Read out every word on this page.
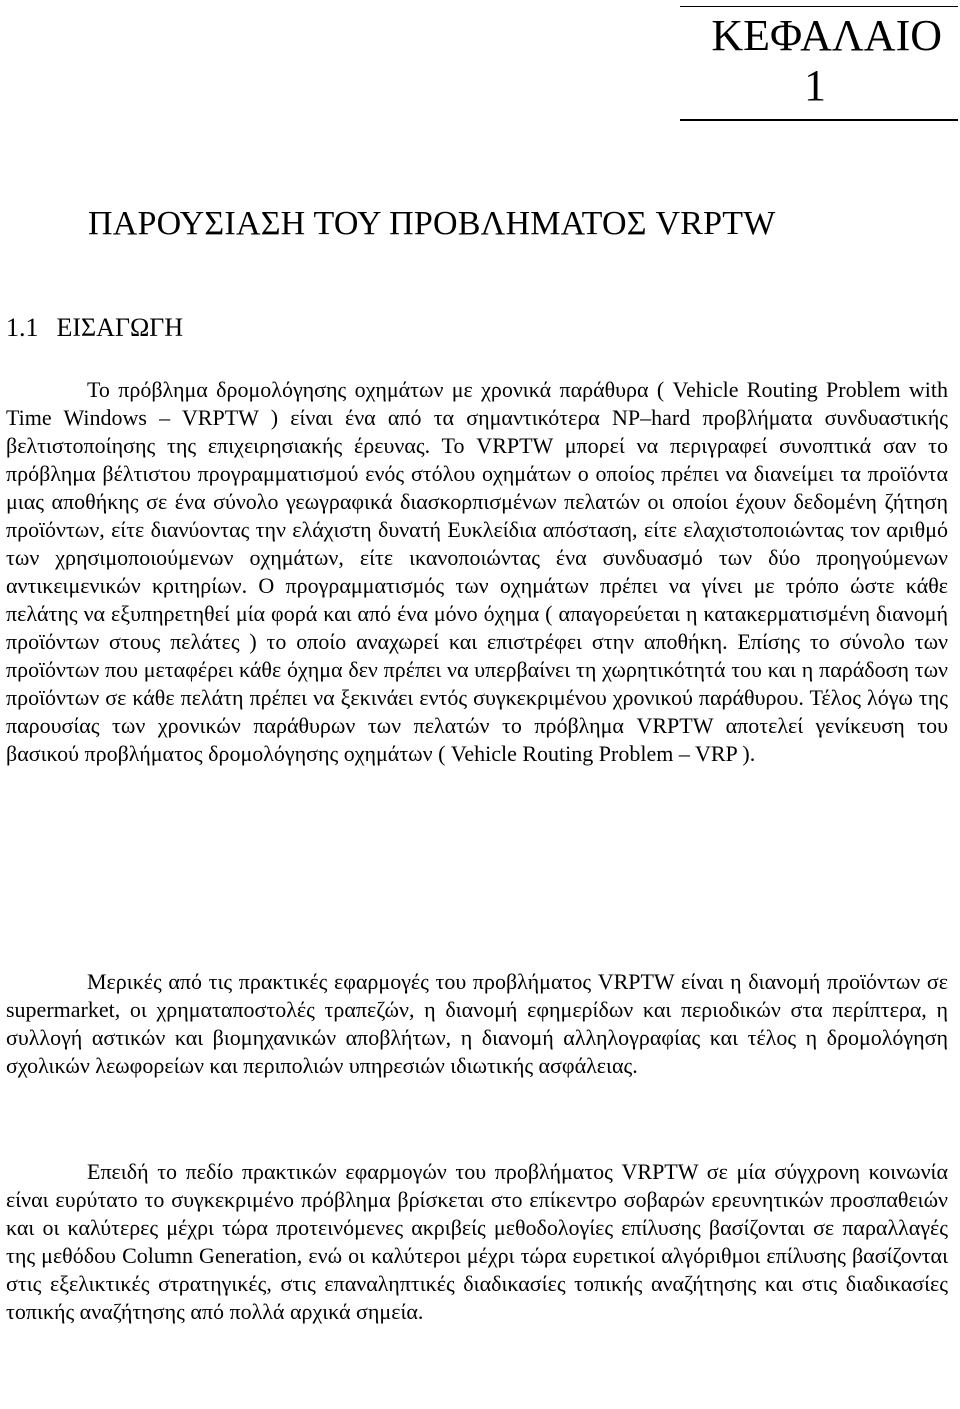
ΚΕΦΑΛΑΙΟ
1
ΠΑΡΟΥΣΙΑΣΗ ΤΟΥ ΠΡΟΒΛΗΜΑΤΟΣ VRPTW
1.1 ΕΙΣΑΓΩΓΗ

Το πρόβλημα δρομολόγησης οχημάτων με χρονικά παράθυρα ( Vehicle Routing Problem with Time Windows – VRPTW ) είναι ένα από τα σημαντικότερα NP–hard προβλήματα συνδυαστικής βελτιστοποίησης της επιχειρησιακής έρευνας. Το VRPTW μπορεί να περιγραφεί συνοπτικά σαν το πρόβλημα βέλτιστου προγραμματισμού ενός στόλου οχημάτων ο οποίος πρέπει να διανείμει τα προϊόντα μιας αποθήκης σε ένα σύνολο γεωγραφικά διασκορπισμένων πελατών οι οποίοι έχουν δεδομένη ζήτηση προϊόντων, είτε διανύοντας την ελάχιστη δυνατή Ευκλείδια απόσταση, είτε ελαχιστοποιώντας τον αριθμό των χρησιμοποιούμενων οχημάτων, είτε ικανοποιώντας ένα συνδυασμό των δύο προηγούμενων αντικειμενικών κριτηρίων. Ο προγραμματισμός των οχημάτων πρέπει να γίνει με τρόπο ώστε κάθε πελάτης να εξυπηρετηθεί μία φορά και από ένα μόνο όχημα ( απαγορεύεται η κατακερματισμένη διανομή προϊόντων στους πελάτες ) το οποίο αναχωρεί και επιστρέφει στην αποθήκη. Επίσης το σύνολο των προϊόντων που μεταφέρει κάθε όχημα δεν πρέπει να υπερβαίνει τη χωρητικότητά του και η παράδοση των προϊόντων σε κάθε πελάτη πρέπει να ξεκινάει εντός συγκεκριμένου χρονικού παράθυρου. Τέλος λόγω της παρουσίας των χρονικών παράθυρων των πελατών το πρόβλημα VRPTW αποτελεί γενίκευση του βασικού προβλήματος δρομολόγησης οχημάτων ( Vehicle Routing Problem – VRP ).

Μερικές από τις πρακτικές εφαρμογές του προβλήματος VRPTW είναι η διανομή προϊόντων σε supermarket, οι χρηματαποστολές τραπεζών, η διανομή εφημερίδων και περιοδικών στα περίπτερα, η συλλογή αστικών και βιομηχανικών αποβλήτων, η διανομή αλληλογραφίας και τέλος η δρομολόγηση σχολικών λεωφορείων και περιπολιών υπηρεσιών ιδιωτικής ασφάλειας.

Επειδή το πεδίο πρακτικών εφαρμογών του προβλήματος VRPTW σε μία σύγχρονη κοινωνία είναι ευρύτατο το συγκεκριμένο πρόβλημα βρίσκεται στο επίκεντρο σοβαρών ερευνητικών προσπαθειών και οι καλύτερες μέχρι τώρα προτεινόμενες ακριβείς μεθοδολογίες επίλυσης βασίζονται σε παραλλαγές της μεθόδου Column Generation, ενώ οι καλύτεροι μέχρι τώρα ευρετικοί αλγόριθμοι επίλυσης βασίζονται στις εξελικτικές στρατηγικές, στις επαναληπτικές διαδικασίες τοπικής αναζήτησης και στις διαδικασίες τοπικής αναζήτησης από πολλά αρχικά σημεία.
